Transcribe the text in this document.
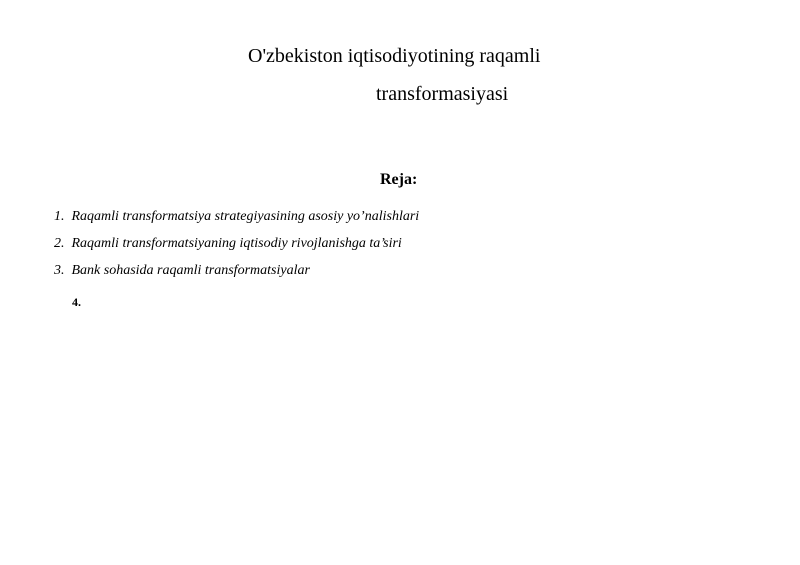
O'zbekiston iqtisodiyotining raqamli
transformasiyasi
Reja:
1. Raqamli transformatsiya strategiyasining asosiy yo’nalishlari
2. Raqamli transformatsiyaning iqtisodiy rivojlanishga ta’siri
3. Bank sohasida raqamli transformatsiyalar
4.
